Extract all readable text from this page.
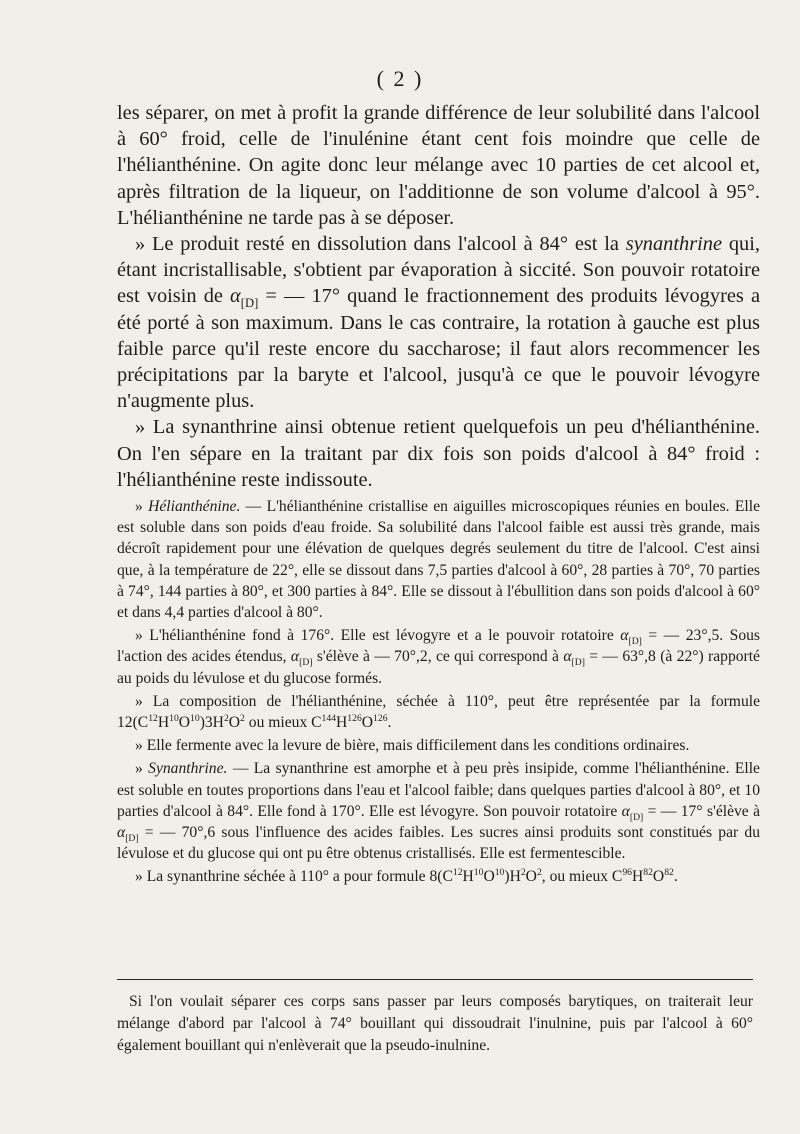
( 2 )

les séparer, on met à profit la grande différence de leur solubilité dans l'alcool à 60° froid, celle de l'inulénine étant cent fois moindre que celle de l'hélianthénine. On agite donc leur mélange avec 10 parties de cet alcool et, après filtration de la liqueur, on l'additionne de son volume d'alcool à 95°. L'hélianthénine ne tarde pas à se déposer.

» Le produit resté en dissolution dans l'alcool à 84° est la synanthrine qui, étant incristallisable, s'obtient par évaporation à siccité. Son pouvoir rotatoire est voisin de $\alpha_{[D]}$ = — 17° quand le fractionnement des produits lévogyres a été porté à son maximum. Dans le cas contraire, la rotation à gauche est plus faible parce qu'il reste encore du saccharose; il faut alors recommencer les précipitations par la baryte et l'alcool, jusqu'à ce que le pouvoir lévogyre n'augmente plus.

» La synanthrine ainsi obtenue retient quelquefois un peu d'hélianthénine. On l'en sépare en la traitant par dix fois son poids d'alcool à 84° froid : l'hélianthénine reste indissoute.

» Hélianthénine. — L'hélianthénine cristallise en aiguilles microscopiques réunies en boules. Elle est soluble dans son poids d'eau froide. Sa solubilité dans l'alcool faible est aussi très grande, mais décroît rapidement pour une élévation de quelques degrés seulement du titre de l'alcool. C'est ainsi que, à la température de 22°, elle se dissout dans 7,5 parties d'alcool à 60°, 28 parties à 70°, 70 parties à 74°, 144 parties à 80°, et 300 parties à 84°. Elle se dissout à l'ébullition dans son poids d'alcool à 60° et dans 4,4 parties d'alcool à 80°.

» L'hélianthénine fond à 176°. Elle est lévogyre et a le pouvoir rotatoire $\alpha_{[D]}$ = — 23°,5. Sous l'action des acides étendus, $\alpha_{[D]}$ s'élève à — 70°,2, ce qui correspond à $\alpha_{[D]}$ = — 63°,8 (à 22°) rapporté au poids du lévulose et du glucose formés.

» La composition de l'hélianthénine, séchée à 110°, peut être représentée par la formule $12(C^{12}H^{10}O^{10})3H^2O^2$ ou mieux $C^{144}H^{126}O^{126}$.

» Elle fermente avec la levure de bière, mais difficilement dans les conditions ordinaires.

» Synanthrine. — La synanthrine est amorphe et à peu près insipide, comme l'hélianthénine. Elle est soluble en toutes proportions dans l'eau et l'alcool faible; dans quelques parties d'alcool à 80°, et 10 parties d'alcool à 84°. Elle fond à 170°. Elle est lévogyre. Son pouvoir rotatoire $\alpha_{[D]}$ = — 17° s'élève à $\alpha_{[D]}$ = — 70°,6 sous l'influence des acides faibles. Les sucres ainsi produits sont constitués par du lévulose et du glucose qui ont pu être obtenus cristallisés. Elle est fermentescible.

» La synanthrine séchée à 110° a pour formule $8(C^{12}H^{10}O^{10})H^2O^2$, ou mieux $C^{96}H^{82}O^{82}$.

Si l'on voulait séparer ces corps sans passer par leurs composés barytiques, on traiterait leur mélange d'abord par l'alcool à 74° bouillant qui dissoudrait l'inulnine, puis par l'alcool à 60° également bouillant qui n'enlèverait que la pseudo-inulnine.
